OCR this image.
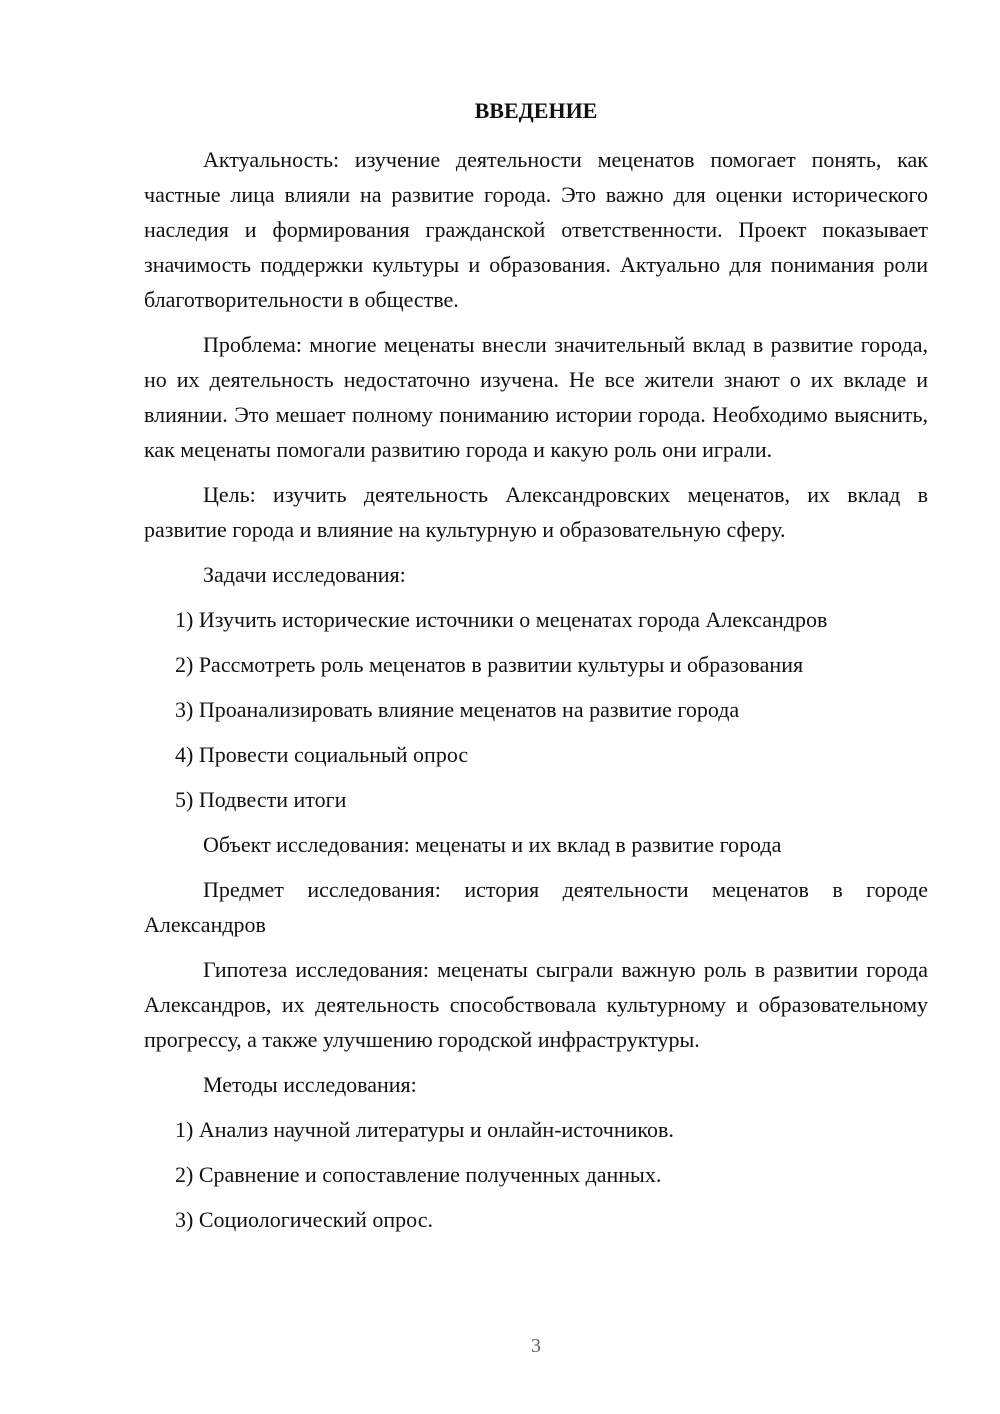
ВВЕДЕНИЕ

Актуальность: изучение деятельности меценатов помогает понять, как частные лица влияли на развитие города. Это важно для оценки исторического наследия и формирования гражданской ответственности. Проект показывает значимость поддержки культуры и образования. Актуально для понимания роли благотворительности в обществе.

Проблема: многие меценаты внесли значительный вклад в развитие города, но их деятельность недостаточно изучена. Не все жители знают о их вкладе и влиянии. Это мешает полному пониманию истории города. Необходимо выяснить, как меценаты помогали развитию города и какую роль они играли.

Цель: изучить деятельность Александровских меценатов, их вклад в развитие города и влияние на культурную и образовательную сферу.

Задачи исследования:

1) Изучить исторические источники о меценатах города Александров

2) Рассмотреть роль меценатов в развитии культуры и образования

3) Проанализировать влияние меценатов на развитие города

4) Провести социальный опрос

5) Подвести итоги

Объект исследования: меценаты и их вклад в развитие города

Предмет исследования: история деятельности меценатов в городе Александров

Гипотеза исследования: меценаты сыграли важную роль в развитии города Александров, их деятельность способствовала культурному и образовательному прогрессу, а также улучшению городской инфраструктуры.

Методы исследования:

1) Анализ научной литературы и онлайн-источников.

2) Сравнение и сопоставление полученных данных.

3) Социологический опрос.

3
